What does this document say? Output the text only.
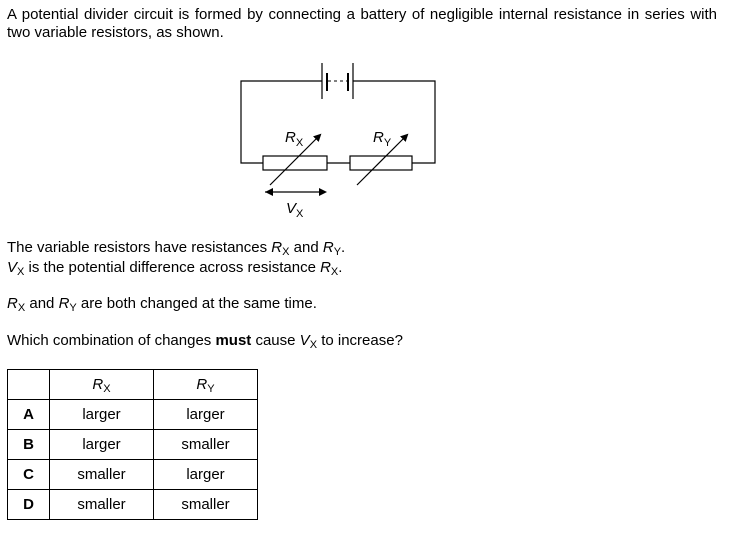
A potential divider circuit is formed by connecting a battery of negligible internal resistance in series with two variable resistors, as shown.

$R_X$	$R_Y$
$V_X$

The variable resistors have resistances $R_X$ and $R_Y$.

$V_X$ is the potential difference across resistance $R_X$.

$R_X$ and $R_Y$ are both changed at the same time.

Which combination of changes must cause $V_X$ to increase?

	$R_X$	$R_Y$
A	larger	larger
B	larger	smaller
C	smaller	larger
D	smaller	smaller
